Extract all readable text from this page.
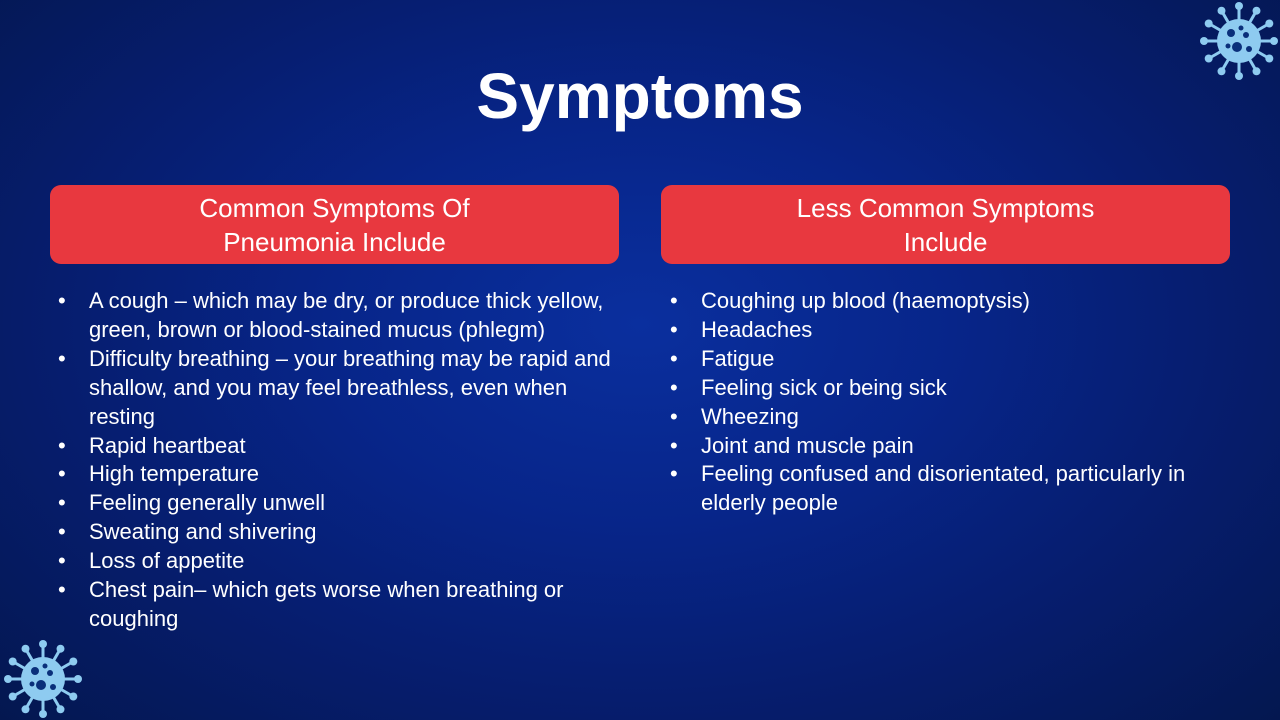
Symptoms
Common Symptoms Of
Pneumonia Include
Less Common Symptoms
Include
• A cough – which may be dry, or produce thick yellow, green, brown or blood-stained mucus (phlegm)
• Difficulty breathing – your breathing may be rapid and shallow, and you may feel breathless, even when resting
• Rapid heartbeat
• High temperature
• Feeling generally unwell
• Sweating and shivering
• Loss of appetite
• Chest pain– which gets worse when breathing or coughing
• Coughing up blood (haemoptysis)
• Headaches
• Fatigue
• Feeling sick or being sick
• Wheezing
• Joint and muscle pain
• Feeling confused and disorientated, particularly in elderly people
